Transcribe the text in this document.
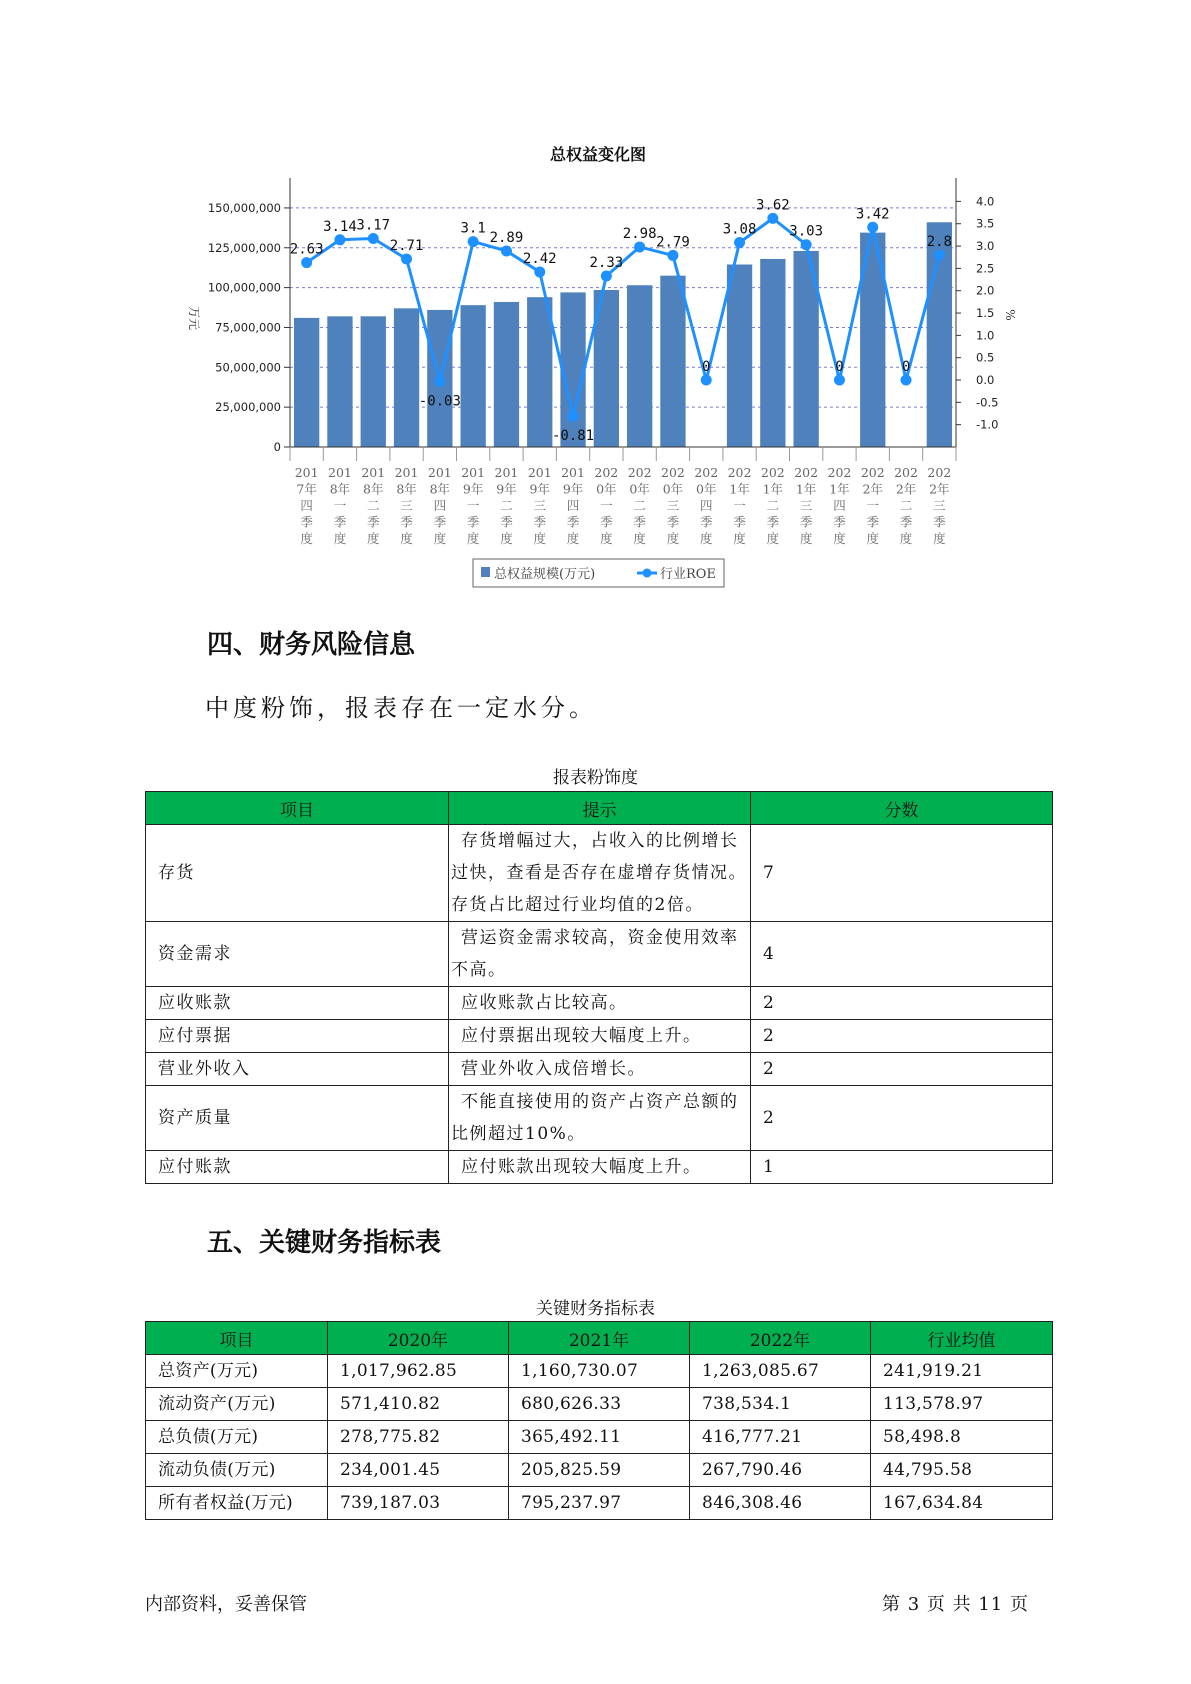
总权益变化图
2.63
3.14 3.17
2.71
-0.03
3.1
2.89
2.42
-0.81
2.33
2.98
2.79
0
3.08
3.62
3.03
0
3.42
0
2.8
0
25,000,000
50,000,000
75,000,000
100,000,000
125,000,000
150,000,000	4.0
3.5
3.0
2.5
2.0
1.5
1.0
0.5
0.0
-0.5
-1.0
201 7年四季度
201 8年一季度
201 8年二季度
201 8年三季度
201 8年四季度
201 9年一季度
201 9年二季度
201 9年三季度
201 9年四季度
202 0年一季度
202 0年二季度
202 0年三季度
202 0年四季度
202 1年一季度
202 1年二季度
202 1年三季度
202 1年四季度
202 2年一季度
202 2年二季度
202 2年三季度
万元	%
总权益规模(万元)	行业ROE
四、财务风险信息

中度粉饰，报表存在一定水分。

报表粉饰度
项目	提示	分数
存货	存货增幅过大，占收入的比例增长过快，查看是否存在虚增存货情况。存货占比超过行业均值的2倍。	7
资金需求	营运资金需求较高，资金使用效率不高。	4
应收账款	应收账款占比较高。	2
应付票据	应付票据出现较大幅度上升。	2
营业外收入	营业外收入成倍增长。	2
资产质量	不能直接使用的资产占资产总额的比例超过10%。	2
应付账款	应付账款出现较大幅度上升。	1
五、关键财务指标表
关键财务指标表
项目	2020年	2021年	2022年	行业均值
总资产(万元)	1,017,962.85	1,160,730.07	1,263,085.67	241,919.21
流动资产(万元)	571,410.82	680,626.33	738,534.1	113,578.97
总负债(万元)	278,775.82	365,492.11	416,777.21	58,498.8
流动负债(万元)	234,001.45	205,825.59	267,790.46	44,795.58
所有者权益(万元)	739,187.03	795,237.97	846,308.46	167,634.84
内部资料，妥善保管	第 3 页 共 11 页
